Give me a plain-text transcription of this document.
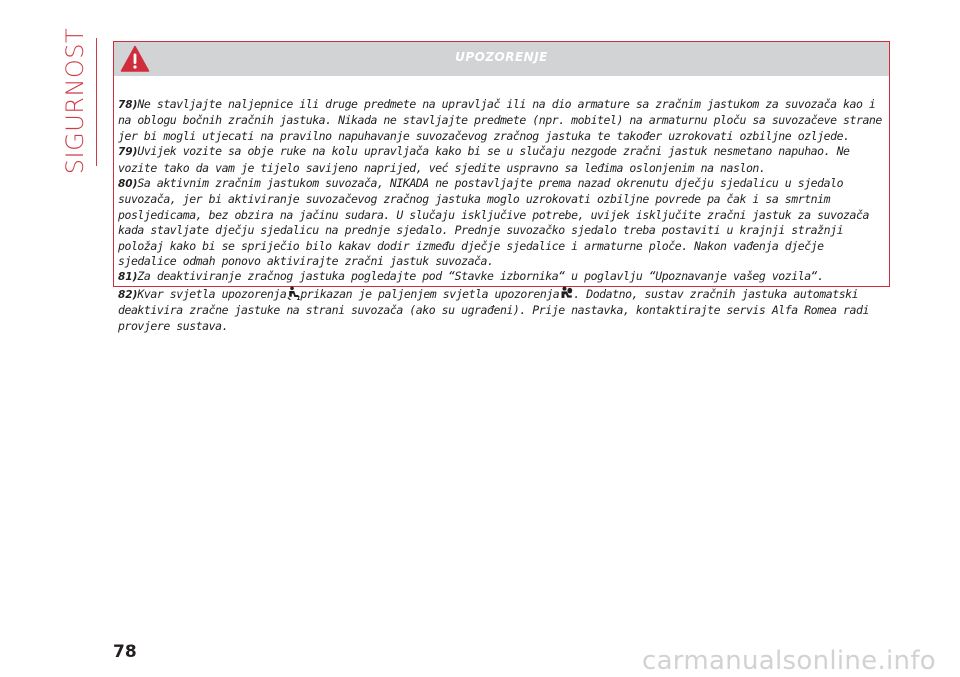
SIGURNOST	UPOZORENJE

78)Ne stavljajte naljepnice ili druge predmete na upravljač ili na dio armature sa zračnim jastukom za suvozača kao i na oblogu bočnih zračnih jastuka. Nikada ne stavljajte predmete (npr. mobitel) na armaturnu ploču sa suvozačeve strane jer bi mogli utjecati na pravilno napuhavanje suvozačevog zračnog jastuka te također uzrokovati ozbiljne ozljede.

79)Uvijek vozite sa obje ruke na kolu upravljača kako bi se u slučaju nezgode zračni jastuk nesmetano napuhao. Ne vozite tako da vam je tijelo savijeno naprijed, već sjedite uspravno sa leđima oslonjenim na naslon.

80)Sa aktivnim zračnim jastukom suvozača, NIKADA ne postavljajte prema nazad okrenutu dječju sjedalicu u sjedalo suvozača, jer bi aktiviranje suvozačevog zračnog jastuka moglo uzrokovati ozbiljne povrede pa čak i sa smrtnim posljedicama, bez obzira na jačinu sudara. U slučaju isključive potrebe, uvijek isključite zračni jastuk za suvozača kada stavljate dječju sjedalicu na prednje sjedalo. Prednje suvozačko sjedalo treba postaviti u krajnji stražnji položaj kako bi se spriječio bilo kakav dodir između dječje sjedalice i armaturne ploče. Nakon vađenja dječje sjedalice odmah ponovo aktivirajte zračni jastuk suvozača.

81)Za deaktiviranje zračnog jastuka pogledajte pod “Stavke izbornika“ u poglavlju “Upoznavanje vašeg vozila“.

82)Kvar svjetla upozorenja 1 prikazan je paljenjem svjetla upozorenja . Dodatno, sustav zračnih jastuka automatski deaktivira zračne jastuke na strani suvozača (ako su ugrađeni). Prije nastavka, kontaktirajte servis Alfa Romea radi provjere sustava.

78	carmanualsonline.info
